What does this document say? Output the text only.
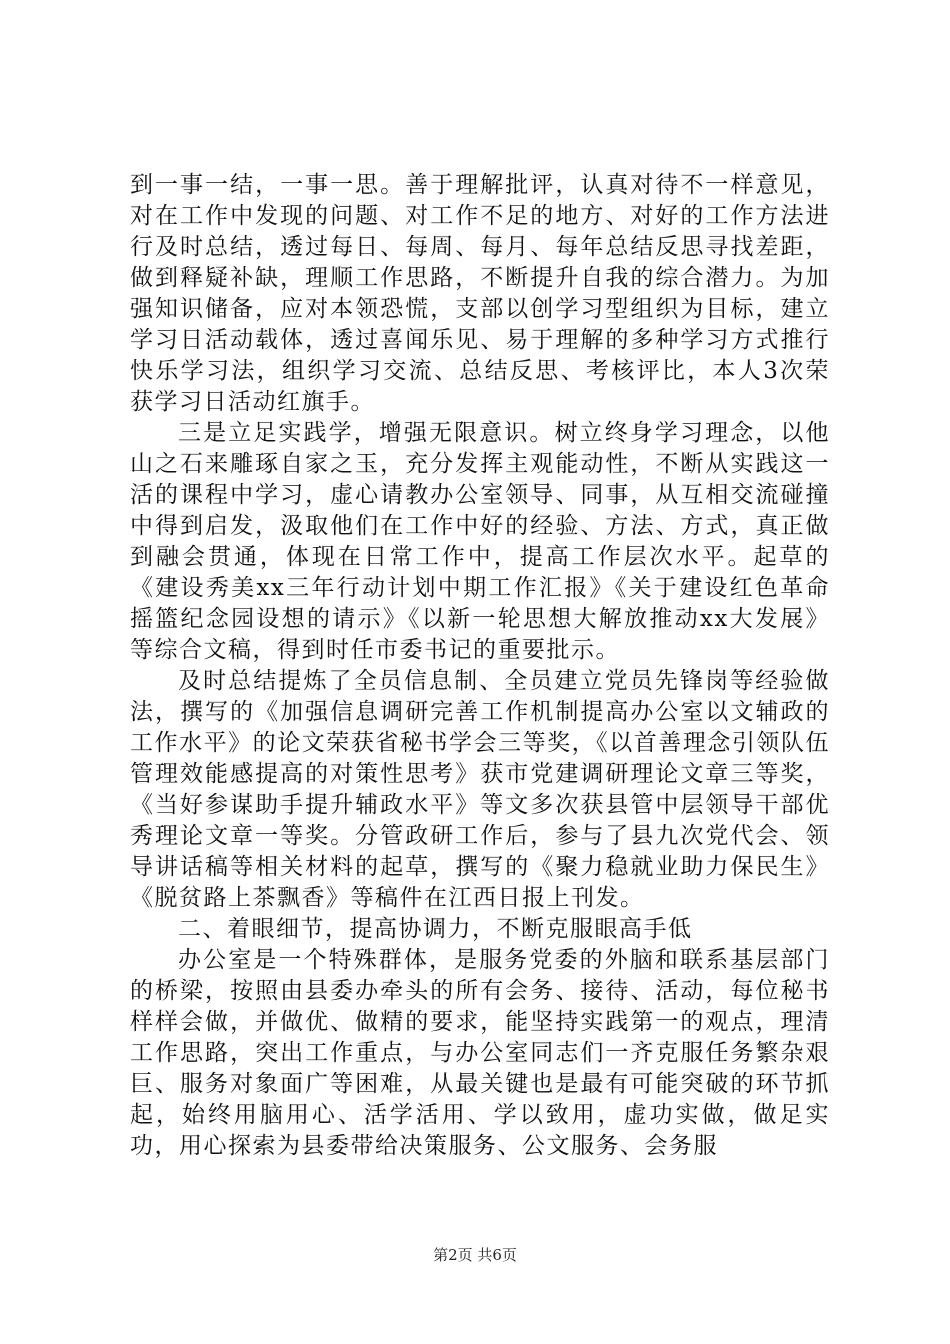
到一事一结，一事一思。善于理解批评，认真对待不一样意见，对在工作中发现的问题、对工作不足的地方、对好的工作方法进行及时总结，透过每日、每周、每月、每年总结反思寻找差距，做到释疑补缺，理顺工作思路，不断提升自我的综合潜力。为加强知识储备，应对本领恐慌，支部以创学习型组织为目标，建立学习日活动载体，透过喜闻乐见、易于理解的多种学习方式推行快乐学习法，组织学习交流、总结反思、考核评比，本人3次荣获学习日活动红旗手。

三是立足实践学，增强无限意识。树立终身学习理念，以他山之石来雕琢自家之玉，充分发挥主观能动性，不断从实践这一活的课程中学习，虚心请教办公室领导、同事，从互相交流碰撞中得到启发，汲取他们在工作中好的经验、方法、方式，真正做到融会贯通，体现在日常工作中，提高工作层次水平。起草的《建设秀美xx三年行动计划中期工作汇报》《关于建设红色革命摇篮纪念园设想的请示》《以新一轮思想大解放推动xx大发展》等综合文稿，得到时任市委书记的重要批示。

及时总结提炼了全员信息制、全员建立党员先锋岗等经验做法，撰写的《加强信息调研完善工作机制提高办公室以文辅政的工作水平》的论文荣获省秘书学会三等奖，《以首善理念引领队伍管理效能感提高的对策性思考》获市党建调研理论文章三等奖，《当好参谋助手提升辅政水平》等文多次获县管中层领导干部优秀理论文章一等奖。分管政研工作后，参与了县九次党代会、领导讲话稿等相关材料的起草，撰写的《聚力稳就业助力保民生》《脱贫路上茶飘香》等稿件在江西日报上刊发。

二、着眼细节，提高协调力，不断克服眼高手低

办公室是一个特殊群体，是服务党委的外脑和联系基层部门的桥梁，按照由县委办牵头的所有会务、接待、活动，每位秘书样样会做，并做优、做精的要求，能坚持实践第一的观点，理清工作思路，突出工作重点，与办公室同志们一齐克服任务繁杂艰巨、服务对象面广等困难，从最关键也是最有可能突破的环节抓起，始终用脑用心、活学活用、学以致用，虚功实做，做足实功，用心探索为县委带给决策服务、公文服务、会务服

第2页 共6页
